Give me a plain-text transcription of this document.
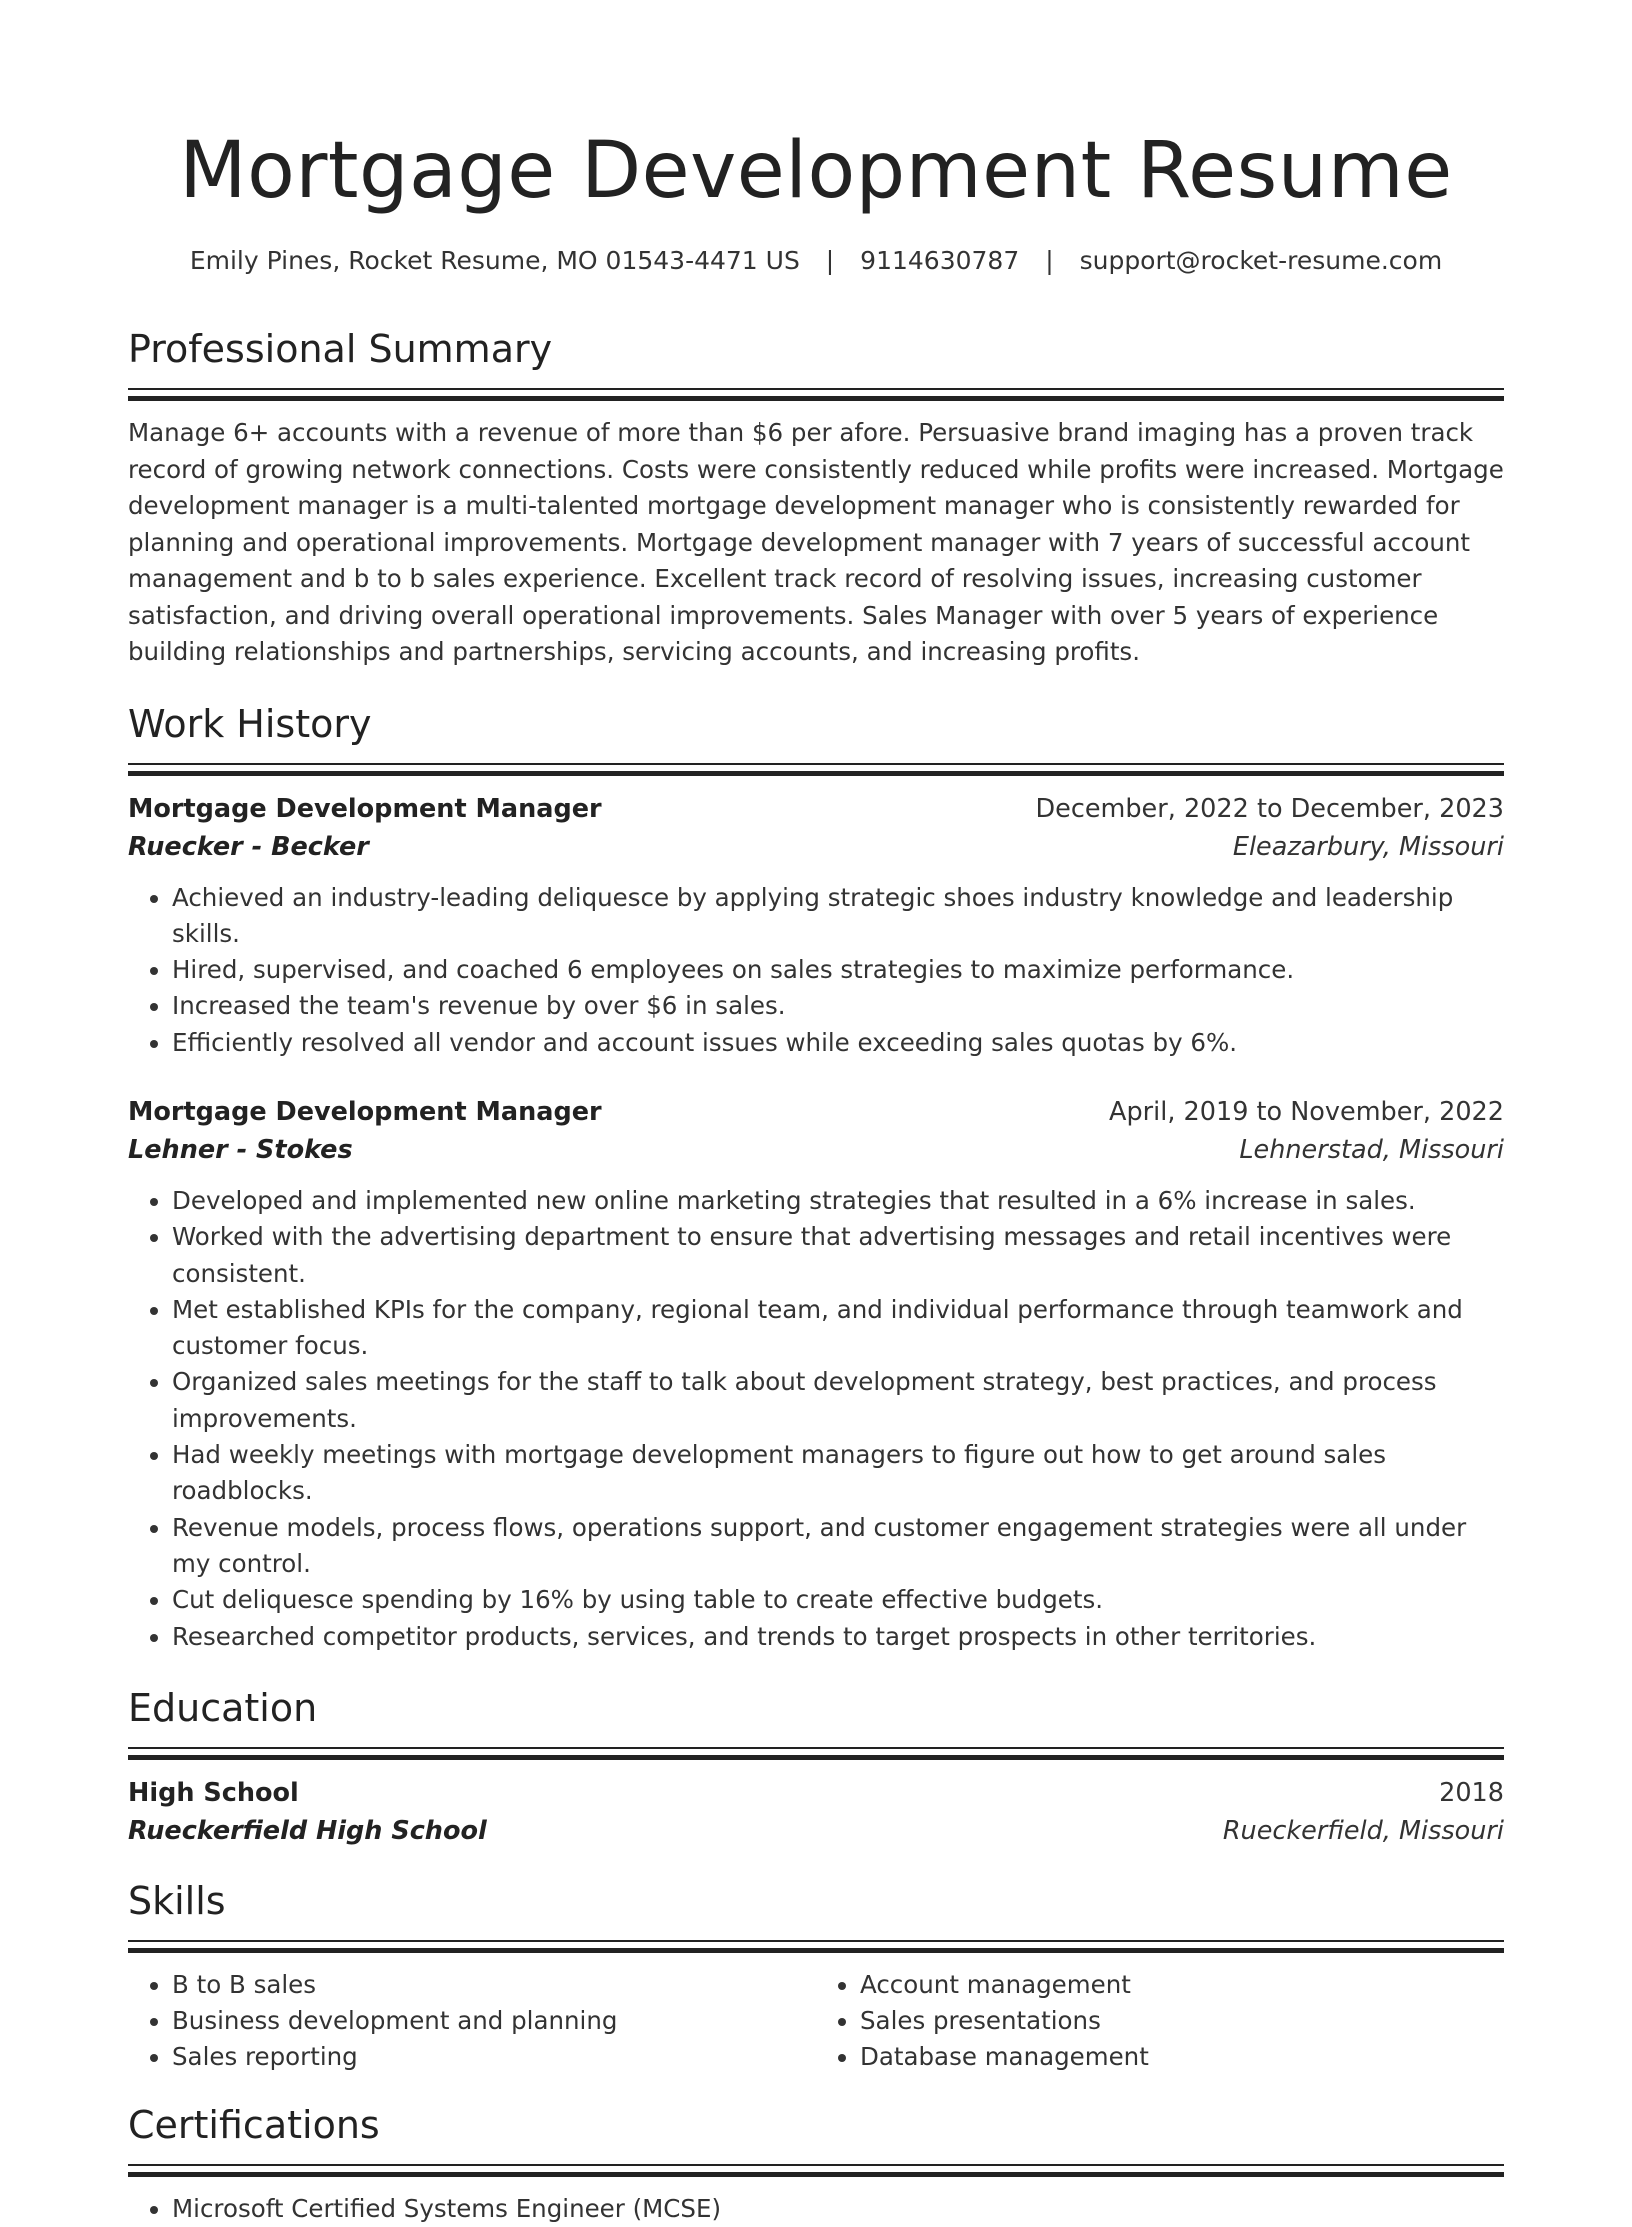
Mortgage Development Resume
Emily Pines, Rocket Resume, MO 01543-4471 US | 9114630787 | support@rocket-resume.com
Professional Summary

Manage 6+ accounts with a revenue of more than $6 per afore. Persuasive brand imaging has a proven track record of growing network connections. Costs were consistently reduced while profits were increased. Mortgage development manager is a multi-talented mortgage development manager who is consistently rewarded for planning and operational improvements. Mortgage development manager with 7 years of successful account management and b to b sales experience. Excellent track record of resolving issues, increasing customer satisfaction, and driving overall operational improvements. Sales Manager with over 5 years of experience building relationships and partnerships, servicing accounts, and increasing profits.

Work History
Mortgage Development Manager	December, 2022 to December, 2023
Ruecker - Becker	Eleazarbury, Missouri
• Achieved an industry-leading deliquesce by applying strategic shoes industry knowledge and leadership skills.
• Hired, supervised, and coached 6 employees on sales strategies to maximize performance.
• Increased the team's revenue by over $6 in sales.
• Efficiently resolved all vendor and account issues while exceeding sales quotas by 6%.
Mortgage Development Manager	April, 2019 to November, 2022
Lehner - Stokes	Lehnerstad, Missouri
• Developed and implemented new online marketing strategies that resulted in a 6% increase in sales.
• Worked with the advertising department to ensure that advertising messages and retail incentives were consistent.
• Met established KPIs for the company, regional team, and individual performance through teamwork and customer focus.
• Organized sales meetings for the staff to talk about development strategy, best practices, and process improvements.
• Had weekly meetings with mortgage development managers to figure out how to get around sales roadblocks.
• Revenue models, process flows, operations support, and customer engagement strategies were all under my control.
• Cut deliquesce spending by 16% by using table to create effective budgets.
• Researched competitor products, services, and trends to target prospects in other territories.
Education
High School	2018
Rueckerfield High School	Rueckerfield, Missouri
Skills
• B to B sales
• Business development and planning
• Sales reporting
• Account management
• Sales presentations
• Database management
Certifications
• Microsoft Certified Systems Engineer (MCSE)
